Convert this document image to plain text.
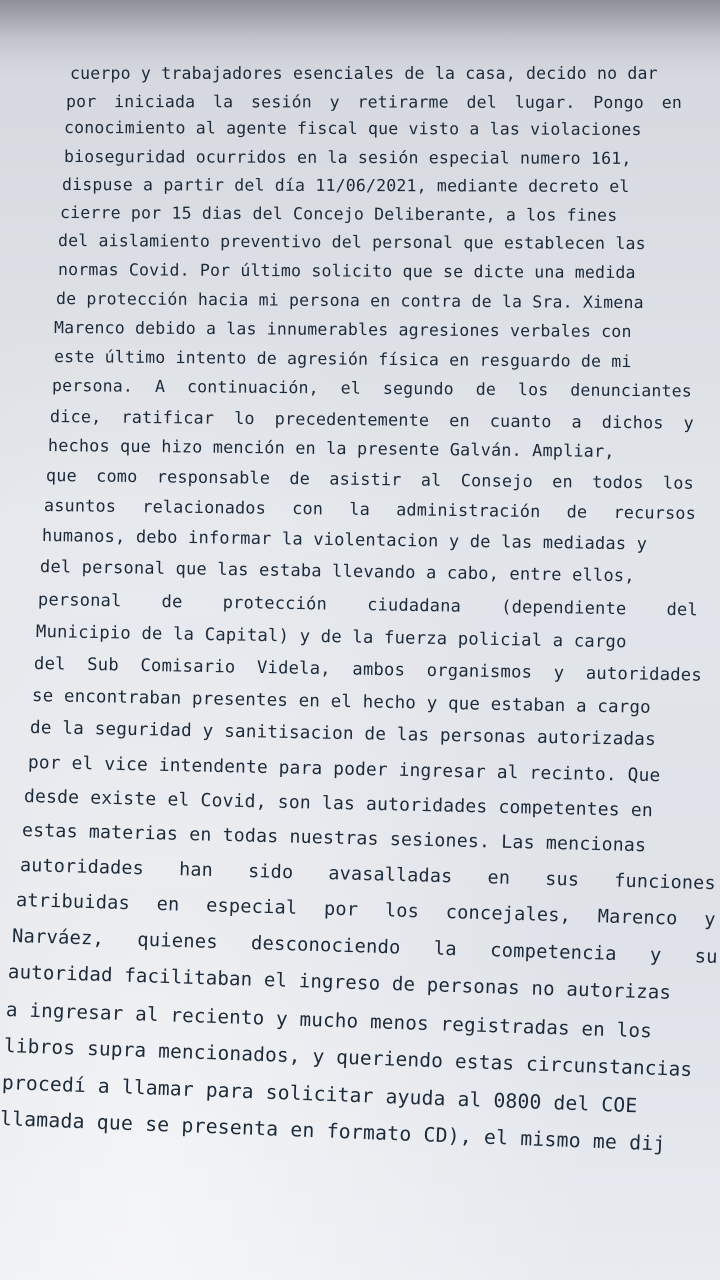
cuerpo y trabajadores esenciales de la casa, decido no dar
por iniciada la sesión y retirarme del lugar. Pongo en
conocimiento al agente fiscal que visto a las violaciones
bioseguridad ocurridos en la sesión especial numero 161,
dispuse a partir del día 11/06/2021, mediante decreto el
cierre por 15 dias del Concejo Deliberante, a los fines
del aislamiento preventivo del personal que establecen las
normas Covid. Por último solicito que se dicte una medida
de protección hacia mi persona en contra de la Sra. Ximena
Marenco debido a las innumerables agresiones verbales con
este último intento de agresión física en resguardo de mi
persona. A continuación, el segundo de los denunciantes
dice, ratificar lo precedentemente en cuanto a dichos y
hechos que hizo mención en la presente Galván. Ampliar,
que como responsable de asistir al Consejo en todos los
asuntos relacionados con la administración de recursos
humanos, debo informar la violentacion y de las mediadas y
del personal que las estaba llevando a cabo, entre ellos,
personal de protección ciudadana (dependiente del
Municipio de la Capital) y de la fuerza policial a cargo
del Sub Comisario Videla, ambos organismos y autoridades
se encontraban presentes en el hecho y que estaban a cargo
de la seguridad y sanitisacion de las personas autorizadas
por el vice intendente para poder ingresar al recinto. Que
desde existe el Covid, son las autoridades competentes en
estas materias en todas nuestras sesiones. Las mencionas
autoridades han sido avasalladas en sus funciones
atribuidas en especial por los concejales, Marenco y
Narváez, quienes desconociendo la competencia y su
autoridad facilitaban el ingreso de personas no autorizas
a ingresar al reciento y mucho menos registradas en los
libros supra mencionados, y queriendo estas circunstancias
procedí a llamar para solicitar ayuda al 0800 del COE
llamada que se presenta en formato CD), el mismo me dij
